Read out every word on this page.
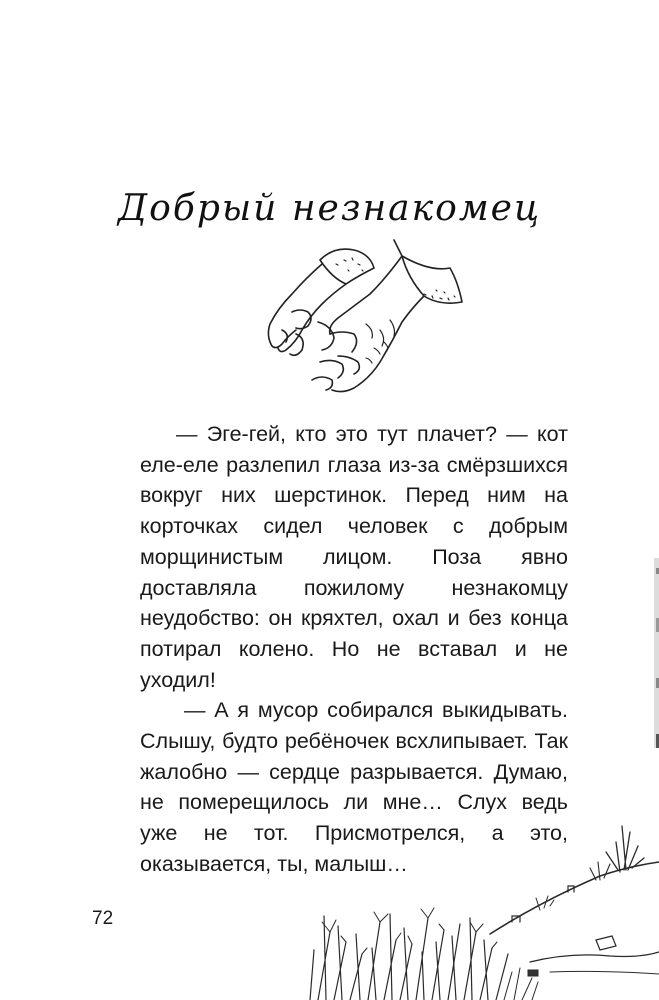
Добрый незнакомец

— Эге-гей, кто это тут плачет? — кот еле-еле разлепил глаза из-за смёрзшихся вокруг них шерстинок. Перед ним на корточках сидел человек с добрым морщинистым лицом. Поза явно доставляла пожилому незнакомцу неудобство: он кряхтел, охал и без конца потирал колено. Но не вставал и не уходил!

— А я мусор собирался выкидывать. Слышу, будто ребёночек всхлипывает. Так жалобно — сердце разрывается. Думаю, не померещилось ли мне… Слух ведь уже не тот. Присмотрелся, а это, оказывается, ты, малыш…

72
